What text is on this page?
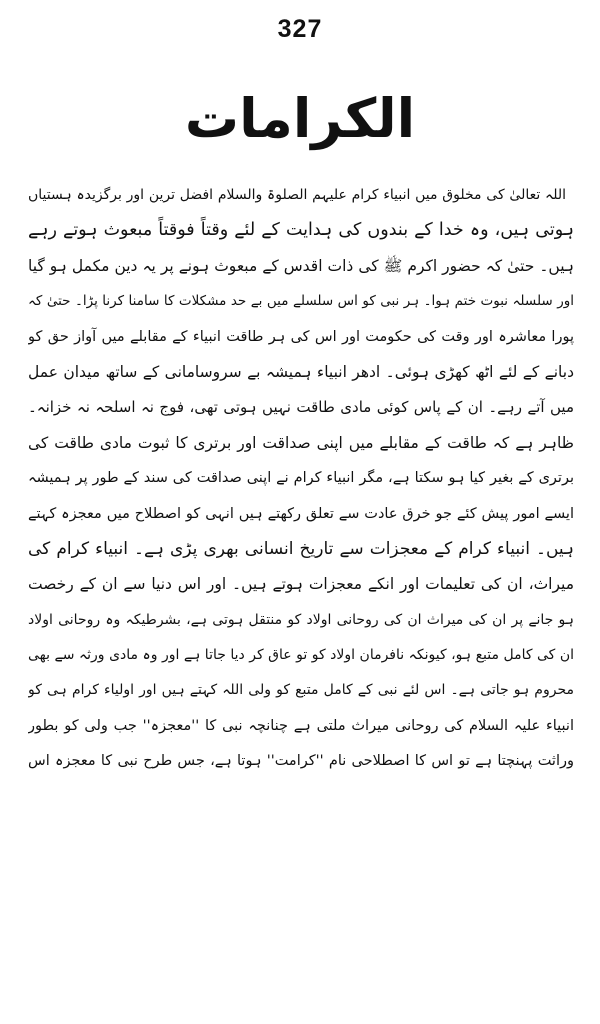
327
الکرامات
اللہ تعالیٰ کی مخلوق میں انبیاء کرام علیہم الصلوۃ والسلام افضل ترین اور برگزیدہ ہستیاں
ہوتی ہیں، وہ خدا کے بندوں کی ہدایت کے لئے وقتاً فوقتاً مبعوث ہوتے رہے
ہیں۔ حتیٰ کہ حضور اکرم ﷺ کی ذات اقدس کے مبعوث ہونے پر یہ دین مکمل ہو گیا
اور سلسلہ نبوت ختم ہوا۔ ہر نبی کو اس سلسلے میں بے حد مشکلات کا سامنا کرنا پڑا۔ حتیٰ کہ
پورا معاشرہ اور وقت کی حکومت اور اس کی ہر طاقت انبیاء کے مقابلے میں آواز حق کو
دبانے کے لئے اٹھ کھڑی ہوئی۔ ادھر انبیاء ہمیشہ بے سروسامانی کے ساتھ میدان عمل
میں آتے رہے۔ ان کے پاس کوئی مادی طاقت نہیں ہوتی تھی، فوج نہ اسلحہ نہ خزانہ۔
ظاہر ہے کہ طاقت کے مقابلے میں اپنی صداقت اور برتری کا ثبوت مادی طاقت کی
برتری کے بغیر کیا ہو سکتا ہے، مگر انبیاء کرام نے اپنی صداقت کی سند کے طور پر ہمیشہ
ایسے امور پیش کئے جو خرق عادت سے تعلق رکھتے ہیں انہی کو اصطلاح میں معجزہ کہتے
ہیں۔ انبیاء کرام کے معجزات سے تاریخ انسانی بھری پڑی ہے۔ انبیاء کرام کی
میراث، ان کی تعلیمات اور انکے معجزات ہوتے ہیں۔ اور اس دنیا سے ان کے رخصت
ہو جانے پر ان کی میراث ان کی روحانی اولاد کو منتقل ہوتی ہے، بشرطیکہ وہ روحانی اولاد
ان کی کامل متبع ہو، کیونکہ نافرمان اولاد کو تو عاق کر دیا جاتا ہے اور وہ مادی ورثہ سے بھی
محروم ہو جاتی ہے۔ اس لئے نبی کے کامل متبع کو ولی اللہ کہتے ہیں اور اولیاء کرام ہی کو
انبیاء علیہ السلام کی روحانی میراث ملتی ہے چنانچہ نبی کا ''معجزہ'' جب ولی کو بطور
وراثت پہنچتا ہے تو اس کا اصطلاحی نام ''کرامت'' ہوتا ہے، جس طرح نبی کا معجزہ اس
